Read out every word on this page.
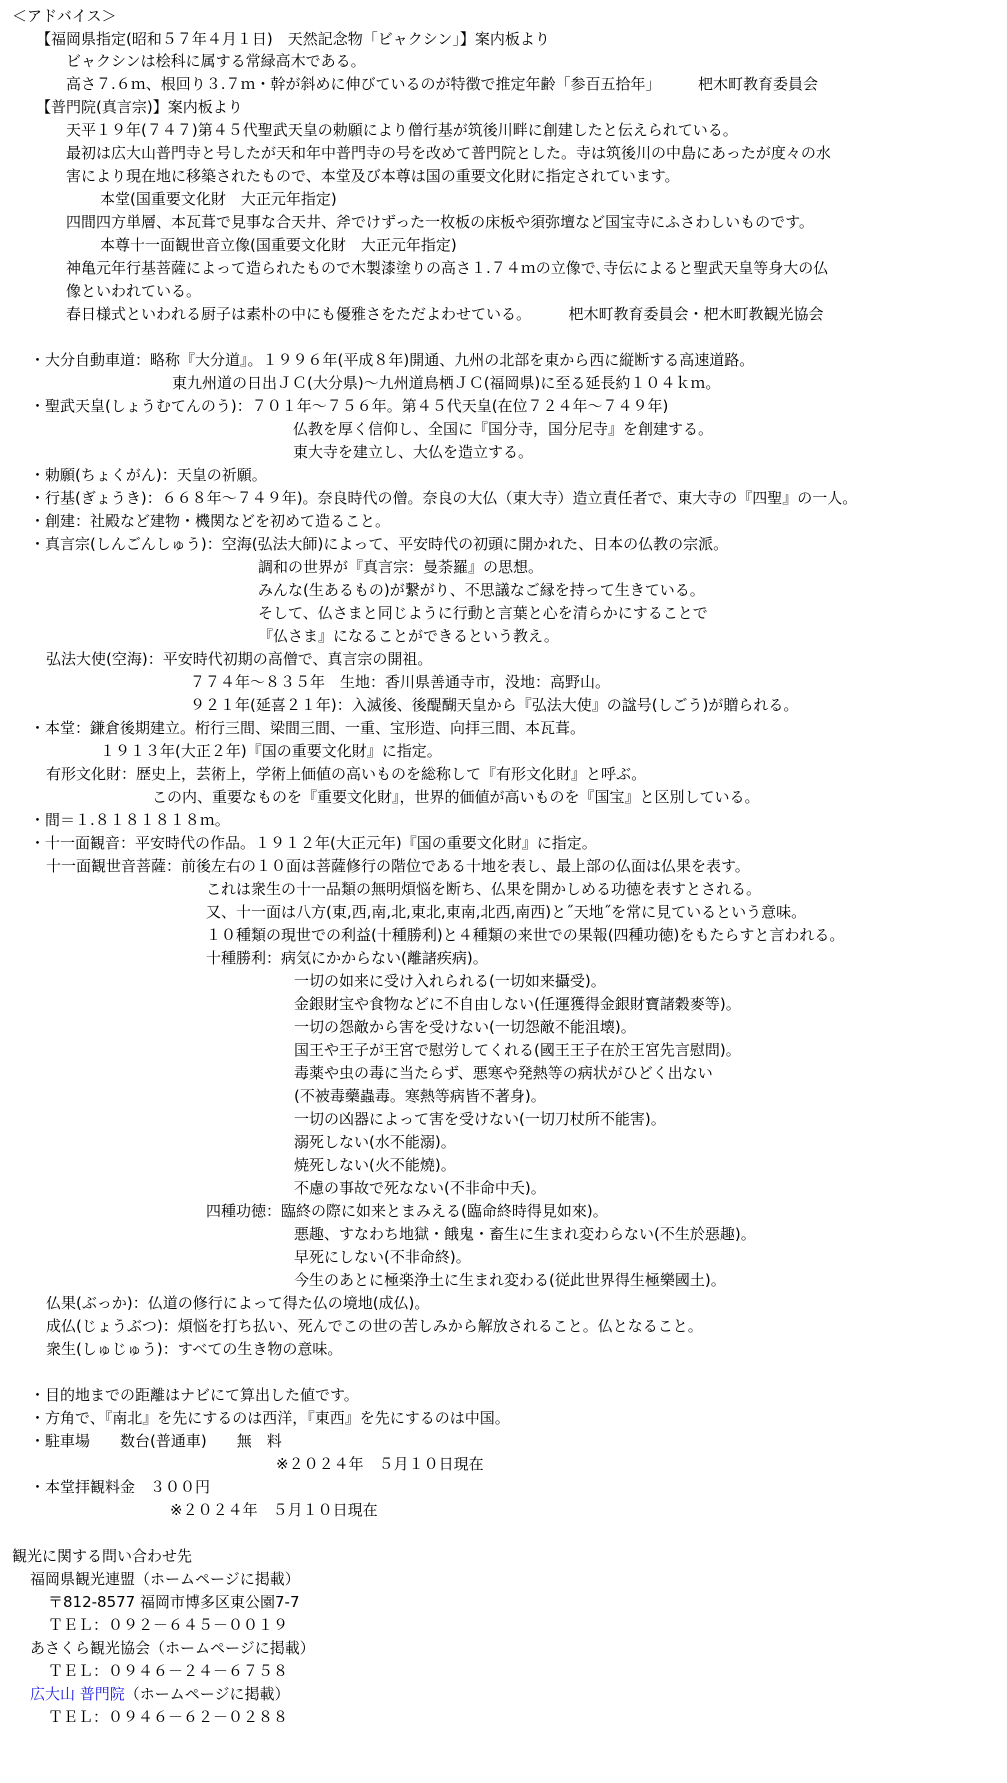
＜アドバイス＞
【福岡県指定(昭和５７年４月１日)　天然記念物「ビャクシン」】案内板より
ビャクシンは桧科に属する常緑高木である。
高さ７.６ｍ、根回り３.７ｍ・幹が斜めに伸びているのが特徴で推定年齢「参百五拾年」　　　杷木町教育委員会
【普門院(真言宗)】案内板より
天平１９年(７４７)第４５代聖武天皇の勅願により僧行基が筑後川畔に創建したと伝えられている。
最初は広大山普門寺と号したが天和年中普門寺の号を改めて普門院とした。寺は筑後川の中島にあったが度々の水
害により現在地に移築されたもので、本堂及び本尊は国の重要文化財に指定されています。
本堂(国重要文化財　大正元年指定)
四間四方単層、本瓦葺で見事な合天井、斧でけずった一枚板の床板や須弥壇など国宝寺にふさわしいものです。
本尊十一面観世音立像(国重要文化財　大正元年指定)
神亀元年行基菩薩によって造られたもので木製漆塗りの高さ１.７４ｍの立像で､寺伝によると聖武天皇等身大の仏
像といわれている。
春日様式といわれる厨子は素朴の中にも優雅さをただよわせている。　　　杷木町教育委員会・杷木町教観光協会
・大分自動車道：略称『大分道』。１９９６年(平成８年)開通、九州の北部を東から西に縦断する高速道路。
東九州道の日出ＪＣ(大分県)～九州道鳥栖ＪＣ(福岡県)に至る延長約１０４ｋｍ。
・聖武天皇(しょうむてんのう)：７０１年～７５６年。第４５代天皇(在位７２４年～７４９年)
仏教を厚く信仰し、全国に『国分寺，国分尼寺』を創建する。
東大寺を建立し、大仏を造立する。
・勅願(ちょくがん)：天皇の祈願。
・行基(ぎょうき)：６６８年～７４９年)。奈良時代の僧。奈良の大仏（東大寺）造立責任者で、東大寺の『四聖』の一人。
・創建：社殿など建物・機関などを初めて造ること。
・真言宗(しんごんしゅう)：空海(弘法大師)によって、平安時代の初頭に開かれた、日本の仏教の宗派。
調和の世界が『真言宗：曼荼羅』の思想。
みんな(生あるもの)が繋がり、不思議なご縁を持って生きている。
そして、仏さまと同じように行動と言葉と心を清らかにすることで
『仏さま』になることができるという教え。
弘法大使(空海)：平安時代初期の高僧で、真言宗の開祖。
７７４年～８３５年　生地：香川県善通寺市，没地：高野山。
９２１年(延喜２１年)：入滅後、後醍醐天皇から『弘法大使』の諡号(しごう)が贈られる。
・本堂：鎌倉後期建立。桁行三間、梁間三間、一重、宝形造、向拝三間、本瓦葺。
１９１３年(大正２年)『国の重要文化財』に指定。
有形文化財：歴史上，芸術上，学術上価値の高いものを総称して『有形文化財』と呼ぶ。
この内、重要なものを『重要文化財』，世界的価値が高いものを『国宝』と区別している。
・間＝１.８１８１８１８ｍ。
・十一面観音：平安時代の作品。１９１２年(大正元年)『国の重要文化財』に指定。
十一面観世音菩薩：前後左右の１０面は菩薩修行の階位である十地を表し、最上部の仏面は仏果を表す。
これは衆生の十一品類の無明煩悩を断ち、仏果を開かしめる功徳を表すとされる。
又、十一面は八方(東,西,南,北,東北,東南,北西,南西)と˝天地˝を常に見ているという意味。
１０種類の現世での利益(十種勝利)と４種類の来世での果報(四種功徳)をもたらすと言われる。
十種勝利：病気にかからない(離諸疾病)。
一切の如来に受け入れられる(一切如来攝受)。
金銀財宝や食物などに不自由しない(任運獲得金銀財寶諸穀麥等)。
一切の怨敵から害を受けない(一切怨敵不能沮壊)。
国王や王子が王宮で慰労してくれる(國王王子在於王宮先言慰問)。
毒薬や虫の毒に当たらず、悪寒や発熱等の病状がひどく出ない
(不被毒藥蟲毒。寒熱等病皆不著身)。
一切の凶器によって害を受けない(一切刀杖所不能害)。
溺死しない(水不能溺)。
焼死しない(火不能燒)。
不慮の事故で死なない(不非命中夭)。
四種功徳：臨終の際に如来とまみえる(臨命終時得見如來)。
悪趣、すなわち地獄・餓鬼・畜生に生まれ変わらない(不生於惡趣)。
早死にしない(不非命終)。
今生のあとに極楽浄土に生まれ変わる(従此世界得生極樂國土)。
仏果(ぶっか)：仏道の修行によって得た仏の境地(成仏)。
成仏(じょうぶつ)：煩悩を打ち払い、死んでこの世の苦しみから解放されること。仏となること。
衆生(しゅじゅう)：すべての生き物の意味。
・目的地までの距離はナビにて算出した値です。
・方角で、『南北』を先にするのは西洋，『東西』を先にするのは中国。
・駐車場　　数台(普通車)　　無　料
※２０２４年　５月１０日現在
・本堂拝観料金　３００円
※２０２４年　５月１０日現在
観光に関する問い合わせ先
福岡県観光連盟（ホームページに掲載）
〒812-8577 福岡市博多区東公園7-7
ＴＥＬ：０９２－６４５－００１９
あさくら観光協会（ホームページに掲載）
ＴＥＬ：０９４６－２４－６７５８
広大山 普門院（ホームページに掲載）
ＴＥＬ：０９４６－６２－０２８８
